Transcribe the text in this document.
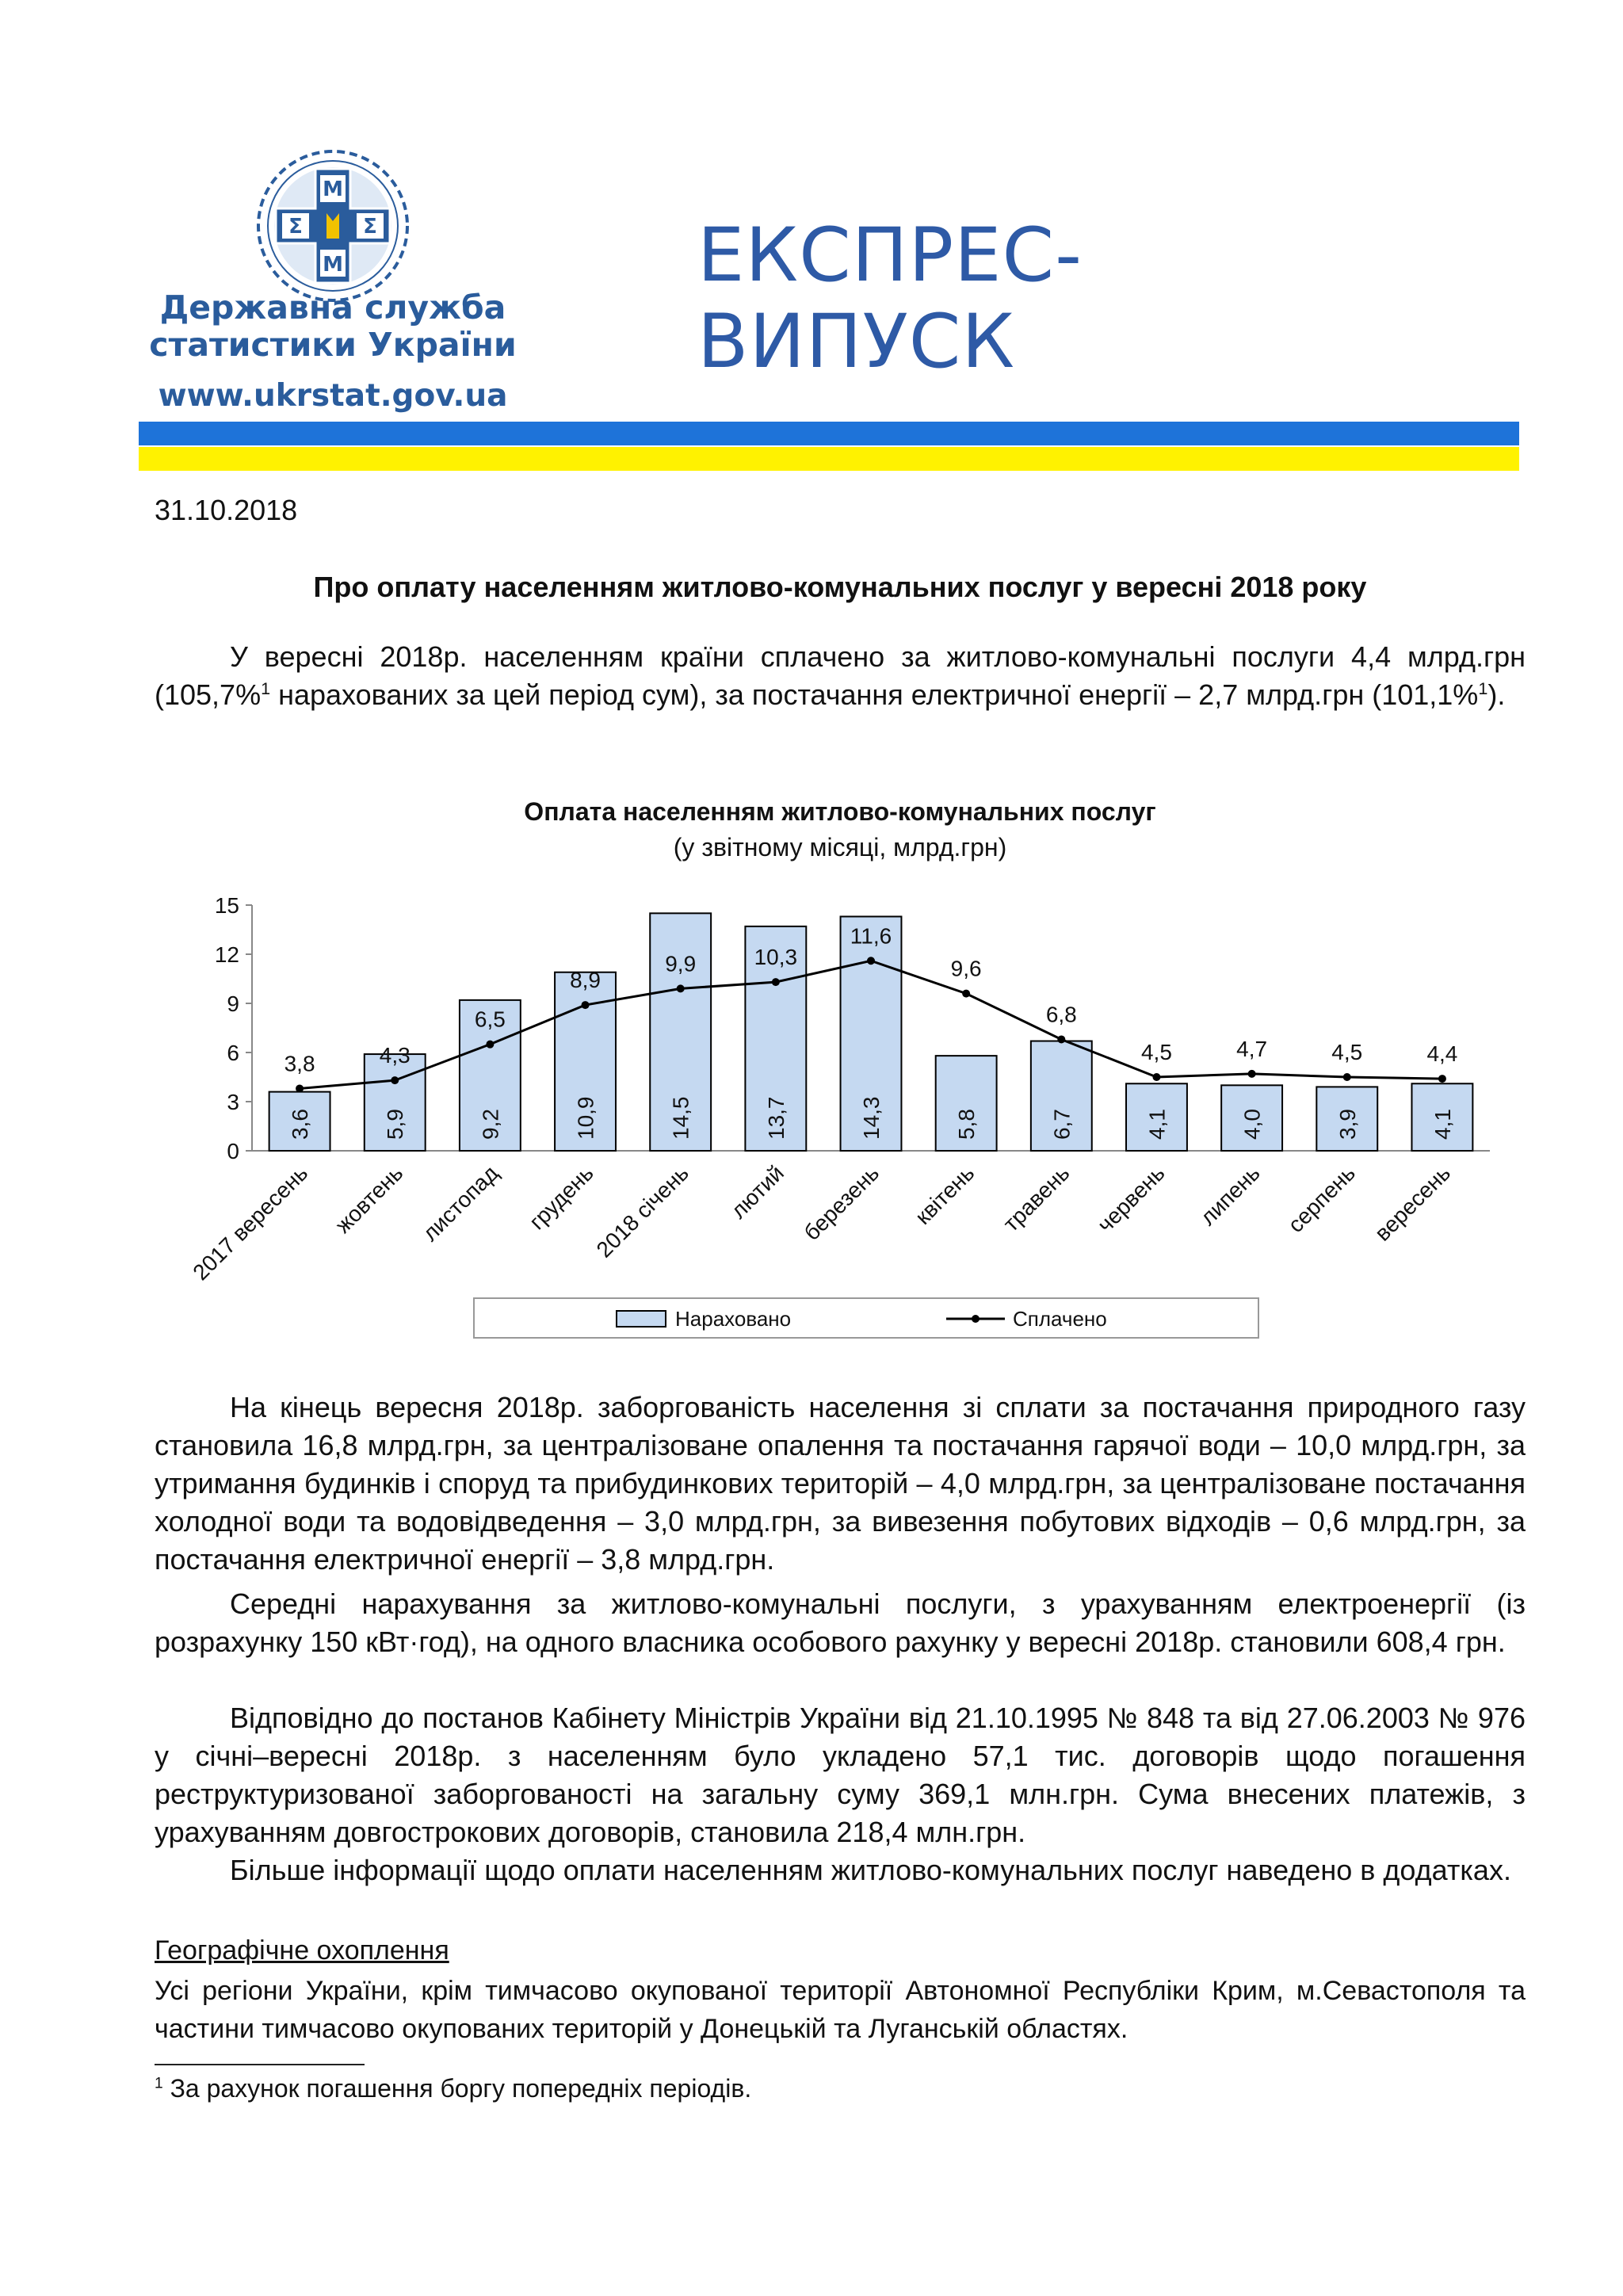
M
M
Σ	Σ
Державна служба
статистики України
www.ukrstat.gov.ua
ЕКСПРЕС-ВИПУСК
31.10.2018
Про оплату населенням житлово-комунальних послуг у вересні 2018 року

У вересні 2018р. населенням країни сплачено за житлово-комунальні послуги 4,4 млрд.грн (105,7%$^1$ нарахованих за цей період сум), за постачання електричної енергії – 2,7 млрд.грн (101,1%$^1$).

Оплата населенням житлово-комунальних послуг
(у звітному місяці, млрд.грн)
0
3
6
9
12
15
3,6	5,9	9,2	10,9	14,5	13,7	14,3	5,8	6,7	4,1	4,0	3,9	4,1
3,8	4,3
6,5
8,9
9,9	10,3
11,6
9,6
6,8
4,5	4,7	4,5	4,4
2017 вересень жовтень листопад грудень
2018 січень лютий березень квітень травень червень липень серпень вересень
Нараховано	Сплачено

На кінець вересня 2018р. заборгованість населення зі сплати за постачання природного газу становила 16,8 млрд.грн, за централізоване опалення та постачання гарячої води – 10,0 млрд.грн, за утримання будинків і споруд та прибудинкових територій – 4,0 млрд.грн, за централізоване постачання холодної води та водовідведення – 3,0 млрд.грн, за вивезення побутових відходів – 0,6 млрд.грн, за постачання електричної енергії – 3,8 млрд.грн.

Середні нарахування за житлово-комунальні послуги, з урахуванням електроенергії (із розрахунку 150 кВт·год), на одного власника особового рахунку у вересні 2018р. становили 608,4 грн.

Відповідно до постанов Кабінету Міністрів України від 21.10.1995 № 848 та від 27.06.2003 № 976 у січні–вересні 2018р. з населенням було укладено 57,1 тис. договорів щодо погашення реструктуризованої заборгованості на загальну суму 369,1 млн.грн. Сума внесених платежів, з урахуванням довгострокових договорів, становила 218,4 млн.грн.

Більше інформації щодо оплати населенням житлово-комунальних послуг наведено в додатках.

Географічне охоплення

Усі регіони України, крім тимчасово окупованої території Автономної Республіки Крим, м.Севастополя та частини тимчасово окупованих територій у Донецькій та Луганській областях.

$^1$ За рахунок погашення боргу попередніх періодів.
